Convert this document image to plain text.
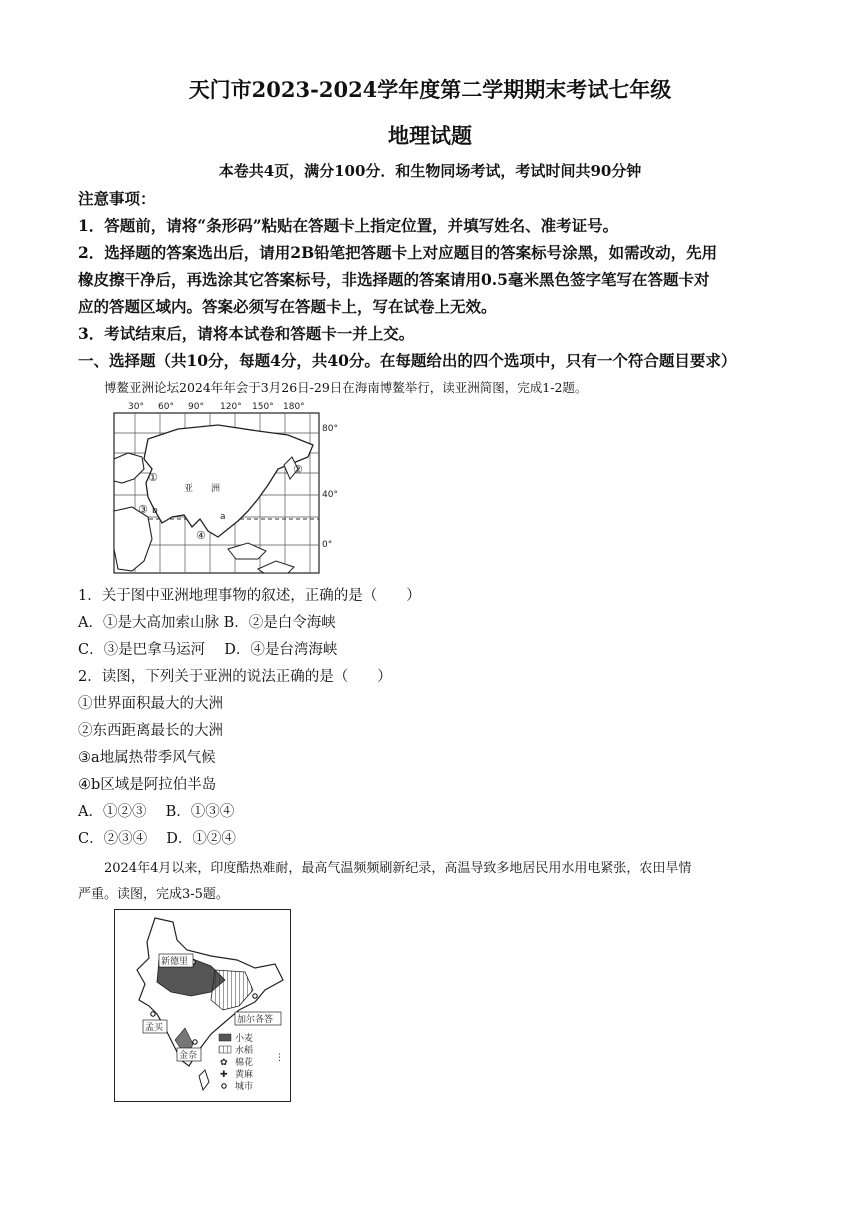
天门市2023-2024学年度第二学期期末考试七年级
地理试题
本卷共4页，满分100分．和生物同场考试，考试时间共90分钟
注意事项：
1．答题前，请将“条形码”粘贴在答题卡上指定位置，并填写姓名、准考证号。
2．选择题的答案选出后，请用2B铅笔把答题卡上对应题目的答案标号涂黑，如需改动，先用
橡皮擦干净后，再选涂其它答案标号，非选择题的答案请用0.5毫米黑色签字笔写在答题卡对
应的答题区域内。答案必须写在答题卡上，写在试卷上无效。
3．考试结束后，请将本试卷和答题卡一并上交。
一、选择题（共10分，每题4分，共40分。在每题给出的四个选项中，只有一个符合题目要求）
博鳌亚洲论坛2024年年会于3月26日-29日在海南博鳌举行，读亚洲简图，完成1-2题。
30° 60° 90° 120° 150° 180°
80°
40°
0°
亚　　洲
①
②
③
④
a
b
1．关于图中亚洲地理事物的叙述，正确的是（　　）
A．①是大高加索山脉 B．②是白令海峡
C．③是巴拿马运河　 D．④是台湾海峡
2．读图，下列关于亚洲的说法正确的是（　　）
①世界面积最大的大洲
②东西距离最长的大洲
③a地属热带季风气候
④b区域是阿拉伯半岛
A．①②③　 B．①③④
C．②③④　 D．①②④
2024年4月以来，印度酷热难耐，最高气温频频刷新纪录，高温导致多地居民用水用电紧张，农田旱情
严重。读图，完成3-5题。
新德里
加尔各答
孟买
金奈
小麦
水稻
✿ 棉花
✚ 黄麻
城市
⋮
